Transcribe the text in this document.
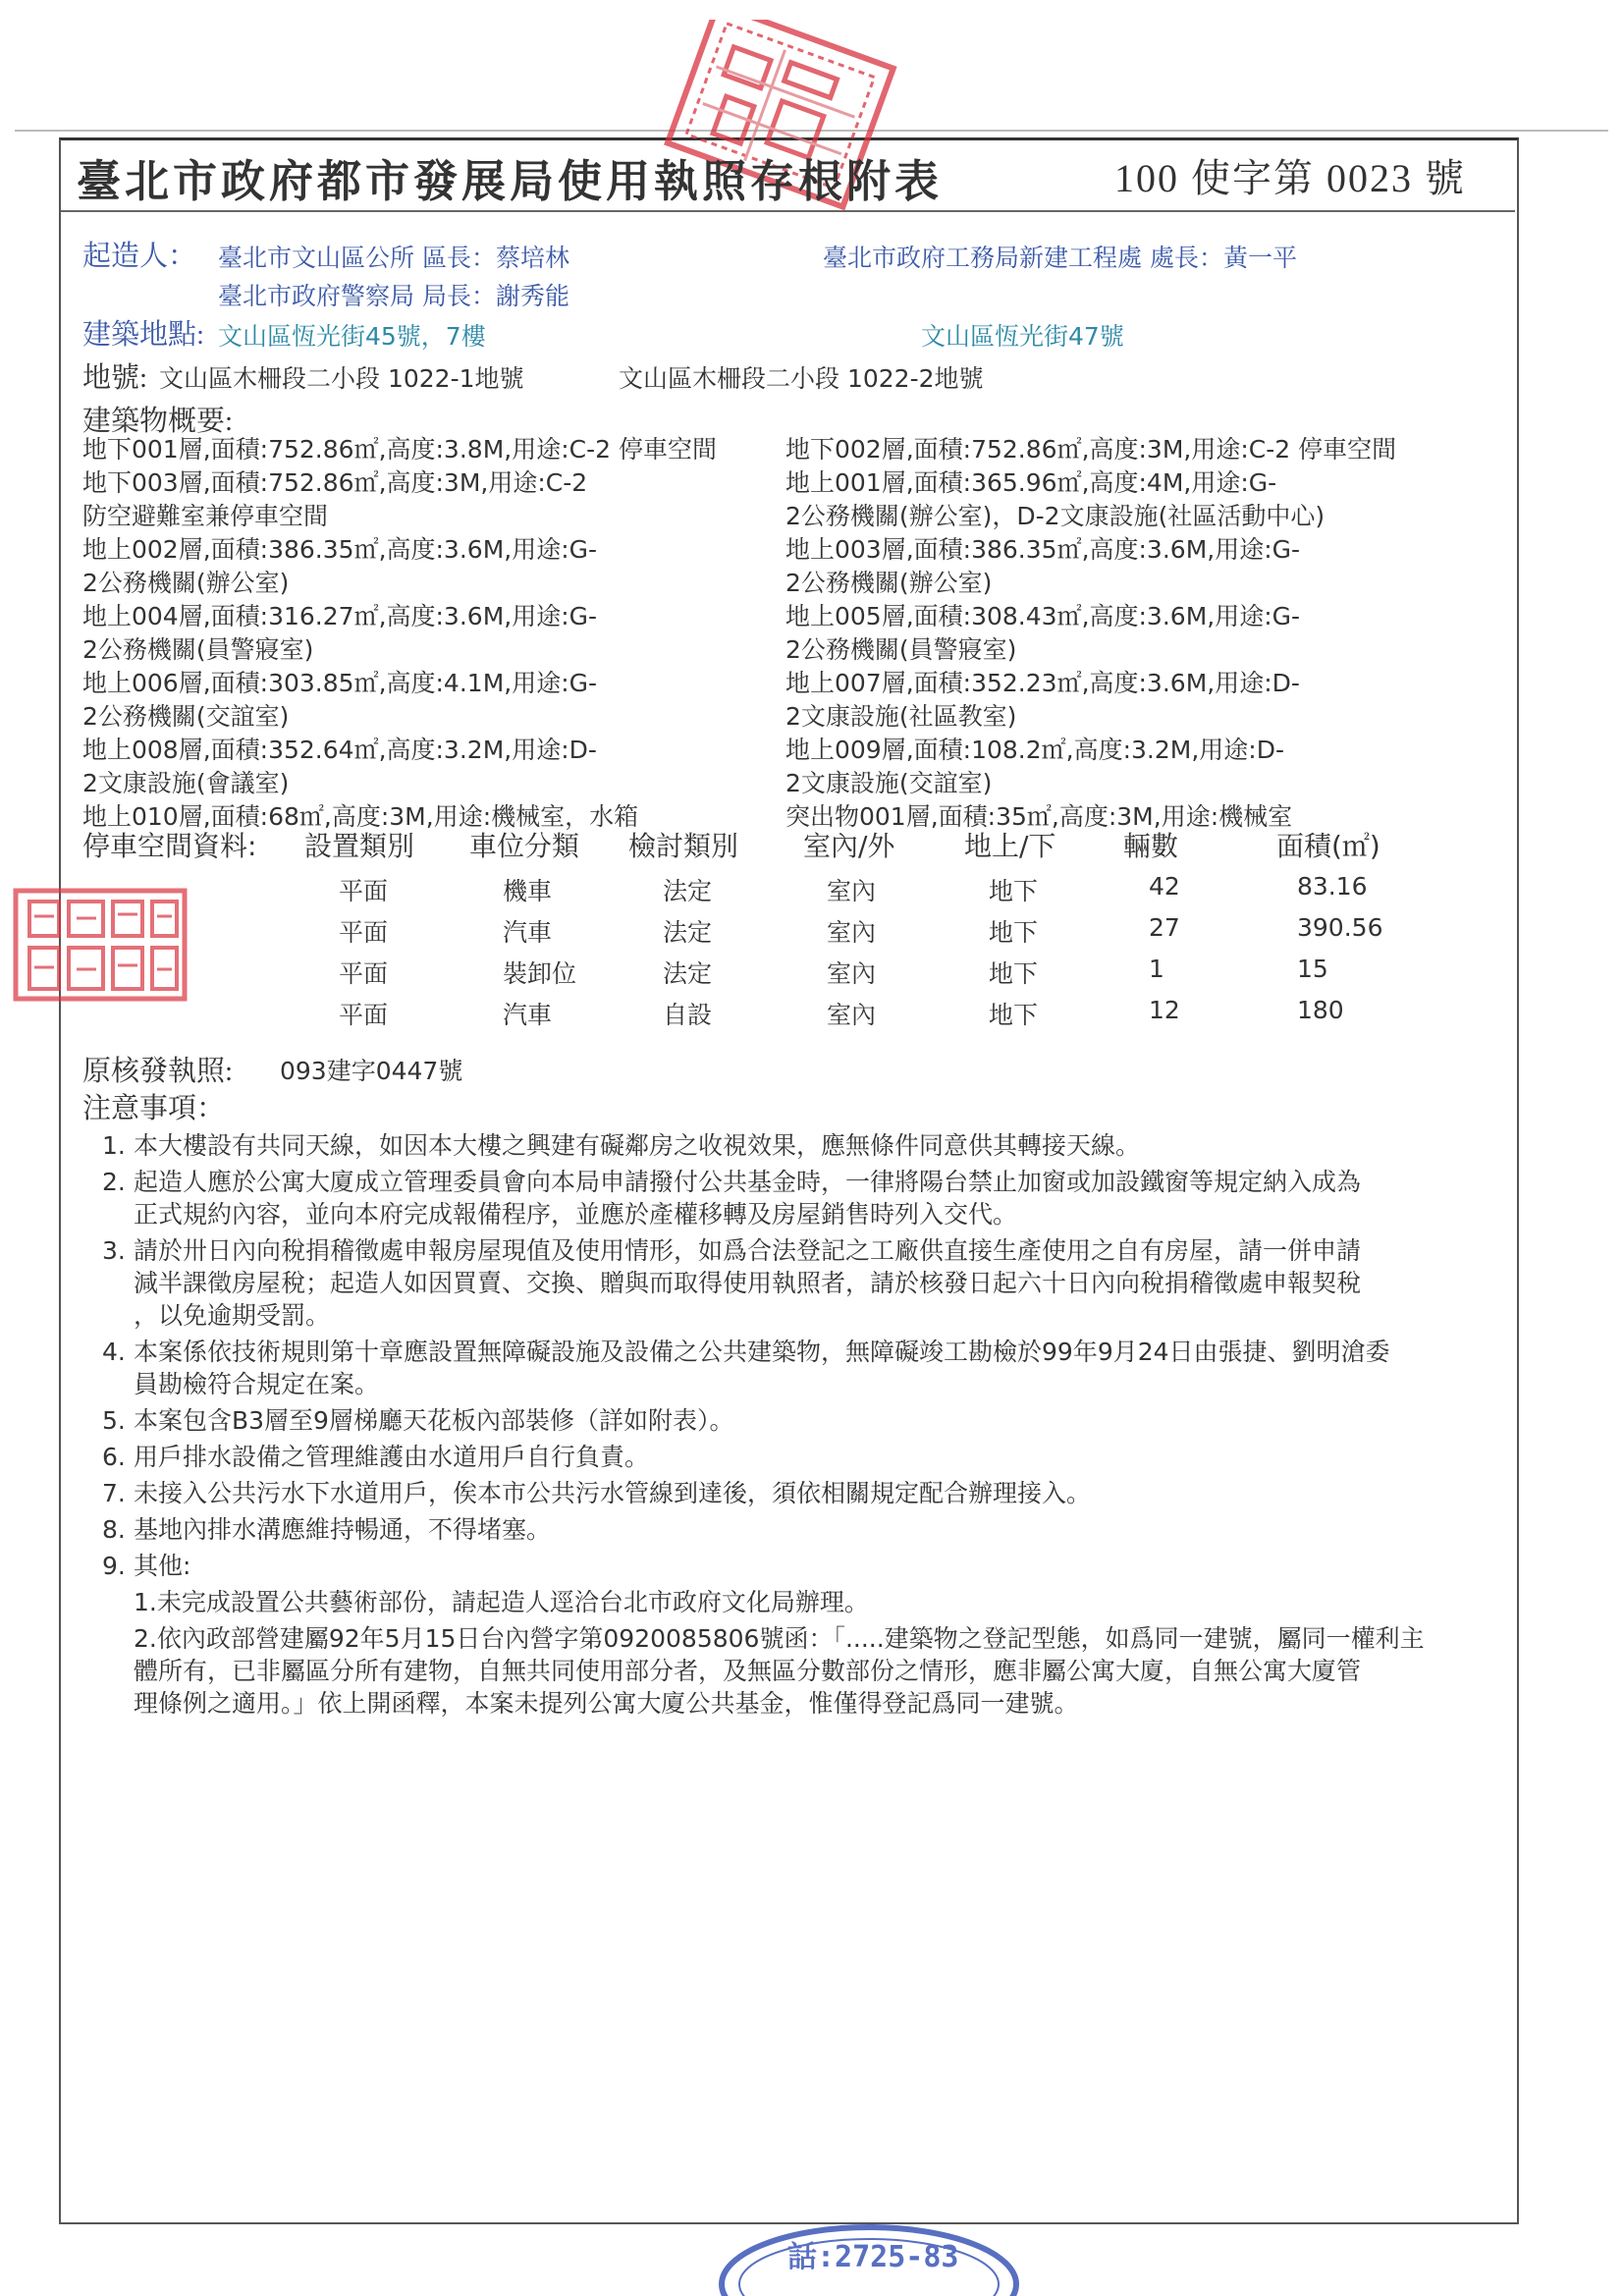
臺北市政府都市發展局使用執照存根附表	100 使字第 0023 號
起造人： 臺北市文山區公所 區長：蔡培林
臺北市政府警察局 局長：謝秀能
臺北市政府工務局新建工程處 處長：黃一平
建築地點: 文山區恆光街45號，7樓	文山區恆光街47號
地號: 文山區木柵段二小段 1022-1地號	文山區木柵段二小段 1022-2地號
建築物概要:
地下001層,面積:752.86㎡,高度:3.8M,用途:C-2 停車空間
地下003層,面積:752.86㎡,高度:3M,用途:C-2
防空避難室兼停車空間
地上002層,面積:386.35㎡,高度:3.6M,用途:G-
2公務機關(辦公室)
地上004層,面積:316.27㎡,高度:3.6M,用途:G-
2公務機關(員警寢室)
地上006層,面積:303.85㎡,高度:4.1M,用途:G-
2公務機關(交誼室)
地上008層,面積:352.64㎡,高度:3.2M,用途:D-
2文康設施(會議室)
地上010層,面積:68㎡,高度:3M,用途:機械室，水箱
地下002層,面積:752.86㎡,高度:3M,用途:C-2 停車空間
地上001層,面積:365.96㎡,高度:4M,用途:G-
2公務機關(辦公室)，D-2文康設施(社區活動中心)
地上003層,面積:386.35㎡,高度:3.6M,用途:G-
2公務機關(辦公室)
地上005層,面積:308.43㎡,高度:3.6M,用途:G-
2公務機關(員警寢室)
地上007層,面積:352.23㎡,高度:3.6M,用途:D-
2文康設施(社區教室)
地上009層,面積:108.2㎡,高度:3.2M,用途:D-
2文康設施(交誼室)
突出物001層,面積:35㎡,高度:3M,用途:機械室
停車空間資料: 設置類別 車位分類 檢討類別 室內/外	地上/下 輛數	面積(㎡)
平面	機車	法定	室內	地下	42	83.16
平面	汽車	法定	室內	地下	27	390.56
平面	裝卸位	法定	室內	地下	1	15
平面	汽車	自設	室內	地下	12	180
原核發執照: 093建字0447號
注意事項：
1. 本大樓設有共同天線，如因本大樓之興建有礙鄰房之收視效果，應無條件同意供其轉接天線。
2. 起造人應於公寓大廈成立管理委員會向本局申請撥付公共基金時，一律將陽台禁止加窗或加設鐵窗等規定納入成為
正式規約內容，並向本府完成報備程序，並應於產權移轉及房屋銷售時列入交代。
3. 請於卅日內向稅捐稽徵處申報房屋現值及使用情形，如爲合法登記之工廠供直接生產使用之自有房屋，請一併申請
減半課徵房屋稅；起造人如因買賣、交換、贈與而取得使用執照者，請於核發日起六十日內向稅捐稽徵處申報契稅
，以免逾期受罰。
4. 本案係依技術規則第十章應設置無障礙設施及設備之公共建築物，無障礙竣工勘檢於99年9月24日由張捷、劉明滄委
員勘檢符合規定在案。
5. 本案包含B3層至9層梯廳天花板內部裝修（詳如附表）。
6. 用戶排水設備之管理維護由水道用戶自行負責。
7. 未接入公共污水下水道用戶，俟本市公共污水管線到達後，須依相關規定配合辦理接入。
8. 基地內排水溝應維持暢通，不得堵塞。
9. 其他:
1.未完成設置公共藝術部份，請起造人逕洽台北市政府文化局辦理。
2.依內政部營建屬92年5月15日台內營字第0920085806號函：「.....建築物之登記型態，如爲同一建號，屬同一權利主
體所有，已非屬區分所有建物，自無共同使用部分者，及無區分數部份之情形，應非屬公寓大廈，自無公寓大廈管
理條例之適用。」依上開函釋，本案未提列公寓大廈公共基金，惟僅得登記爲同一建號。
話:2725-83
